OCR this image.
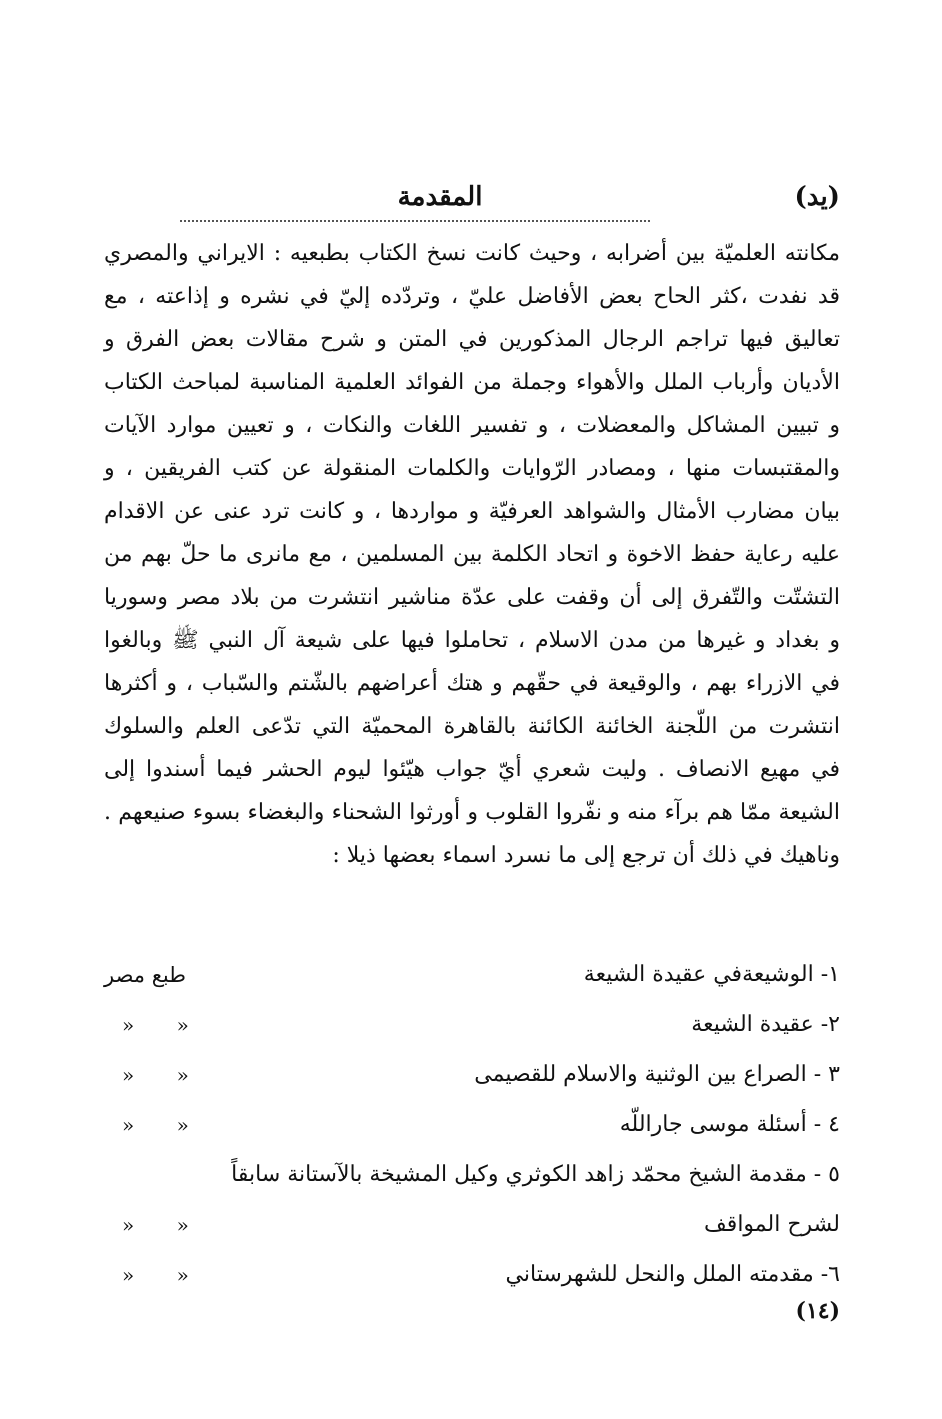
(يد)
المقدمة
مكانته العلميّة بين أضرابه ، وحيث كانت نسخ الكتاب بطبعيه : الايراني والمصري
قد نفدت ،كثر الحاح بعض الأفاضل عليّ ، وتردّده إليّ في نشره و إذاعته ، مع
تعاليق فيها تراجم الرجال المذكورين في المتن و شرح مقالات بعض الفرق و
الأديان وأرباب الملل والأهواء وجملة من الفوائد العلمية المناسبة لمباحث الكتاب
و تبيين المشاكل والمعضلات ، و تفسير اللغات والنكات ، و تعيين موارد الآيات
والمقتبسات منها ، ومصادر الرّوايات والكلمات المنقولة عن كتب الفريقين ، و
بيان مضارب الأمثال والشواهد العرفيّة و مواردها ، و كانت ترد عنى عن الاقدام
عليه رعاية حفظ الاخوة و اتحاد الكلمة بين المسلمين ، مع مانرى ما حلّ بهم من
التشتّت والتّفرق إلى أن وقفت على عدّة مناشير انتشرت من بلاد مصر وسوريا
و بغداد و غيرها من مدن الاسلام ، تحاملوا فيها على شيعة آل النبي ﷺ وبالغوا
في الازراء بهم ، والوقيعة في حقّهم و هتك أعراضهم بالشّتم والسّباب ، و أكثرها
انتشرت من اللّجنة الخائنة الكائنة بالقاهرة المحميّة التي تدّعى العلم والسلوك
في مهيع الانصاف . وليت شعري أيّ جواب هيّئوا ليوم الحشر فيما أسندوا إلى
الشيعة ممّا هم برآء منه و نفّروا القلوب و أورثوا الشحناء والبغضاء بسوء صنيعهم .
وناهيك في ذلك أن ترجع إلى ما نسرد اسماء بعضها ذيلا :
١- الوشيعةفي عقيدة الشيعة
طبع مصر
٢- عقيدة الشيعة
« «
٣ - الصراع بين الوثنية والاسلام للقصيمى
« «
٤ - أسئلة موسى جاراللّه
« «
٥ - مقدمة الشيخ محمّد زاهد الكوثري وكيل المشيخة بالآستانة سابقاً
لشرح المواقف
« «
٦- مقدمته الملل والنحل للشهرستاني
« «
(١٤)
